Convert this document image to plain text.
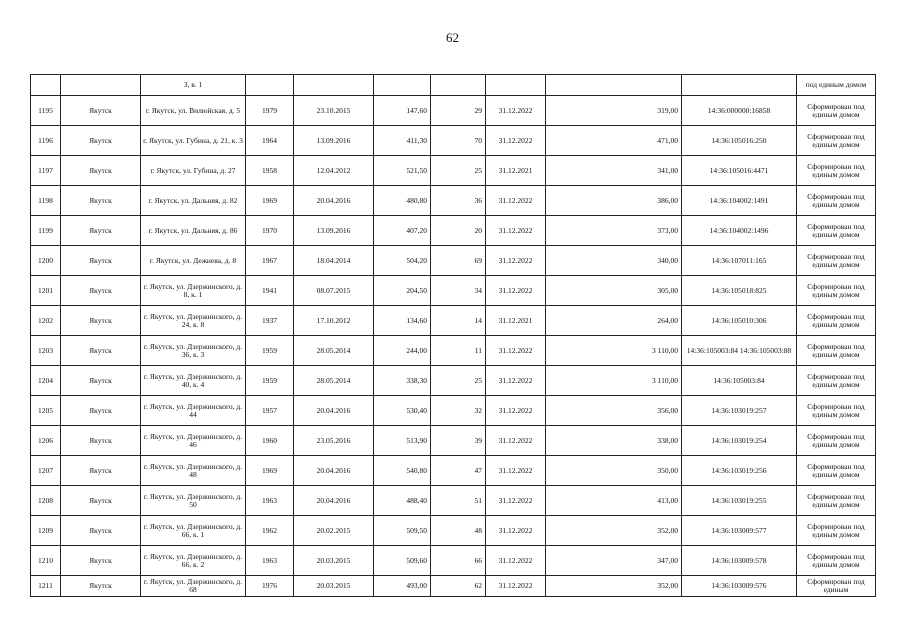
62
		3, в. 1								под единым домом
1195	Якутск	г. Якутск, ул. Вилюйская, д. 5	1979	23.10.2015	147,60	29	31.12.2022	319,00	14:36:000000:16858	Сформирован под единым домом
1196	Якутск	г. Якутск, ул. Губина, д. 21, к. 3	1964	13.09.2016	411,30	70	31.12.2022	471,00	14:36:105016:250	Сформирован под единым домом
1197	Якутск	г. Якутск, ул. Губина, д. 27	1958	12.04.2012	521,50	25	31.12.2021	341,00	14:36:105016:4471	Сформирован под единым домом
1198	Якутск	г. Якутск, ул. Дальняя, д. 82	1969	20.04.2016	480,80	36	31.12.2022	386,00	14:36:104002:1491	Сформирован под единым домом
1199	Якутск	г. Якутск, ул. Дальняя, д. 86	1970	13.09.2016	407,20	20	31.12.2022	373,00	14:36:104002:1496	Сформирован под единым домом
1200	Якутск	г. Якутск, ул. Дежнева, д. 8	1967	18.04.2014	504,20	69	31.12.2022	340,00	14:36:107011:165	Сформирован под единым домом
1201	Якутск	г. Якутск, ул. Дзержинского, д. 8, к. 1	1941	08.07.2015	204,50	34	31.12.2022	305,00	14:36:105018:825	Сформирован под единым домом
1202	Якутск	г. Якутск, ул. Дзержинского, д. 24, к. 8	1937	17.10.2012	134,60	14	31.12.2021	264,00	14:36:105010:306	Сформирован под единым домом
1203	Якутск	г. Якутск, ул. Дзержинского, д. 36, к. 3	1959	28.05.2014	244,00	11	31.12.2022	3 110,00	14:36:105003:84 14:36:105003:88	Сформирован под единым домом
1204	Якутск	г. Якутск, ул. Дзержинского, д. 40, к. 4	1959	28.05.2014	338,30	25	31.12.2022	3 110,00	14:36:105003:84	Сформирован под единым домом
1205	Якутск	г. Якутск, ул. Дзержинского, д. 44	1957	20.04.2016	530,40	32	31.12.2022	356,00	14:36:103019:257	Сформирован под единым домом
1206	Якутск	г. Якутск, ул. Дзержинского, д. 46	1960	23.05.2016	513,90	39	31.12.2022	338,00	14:36:103019:254	Сформирован под единым домом
1207	Якутск	г. Якутск, ул. Дзержинского, д. 48	1969	20.04.2016	540,80	47	31.12.2022	350,00	14:36:103019:256	Сформирован под единым домом
1208	Якутск	г. Якутск, ул. Дзержинского, д. 50	1963	20.04.2016	488,40	51	31.12.2022	413,00	14:36:103019:255	Сформирован под единым домом
1209	Якутск	г. Якутск, ул. Дзержинского, д. 66, к. 1	1962	20.02.2015	509,50	48	31.12.2022	352,00	14:36:103009:577	Сформирован под единым домом
1210	Якутск	г. Якутск, ул. Дзержинского, д. 66, к. 2	1963	20.03.2015	509,60	66	31.12.2022	347,00	14:36:103009:578	Сформирован под единым домом
1211	Якутск	г. Якутск, ул. Дзержинского, д. 68	1976	20.03.2015	493,00	62	31.12.2022	352,00	14:36:103009:576	Сформирован под единым
